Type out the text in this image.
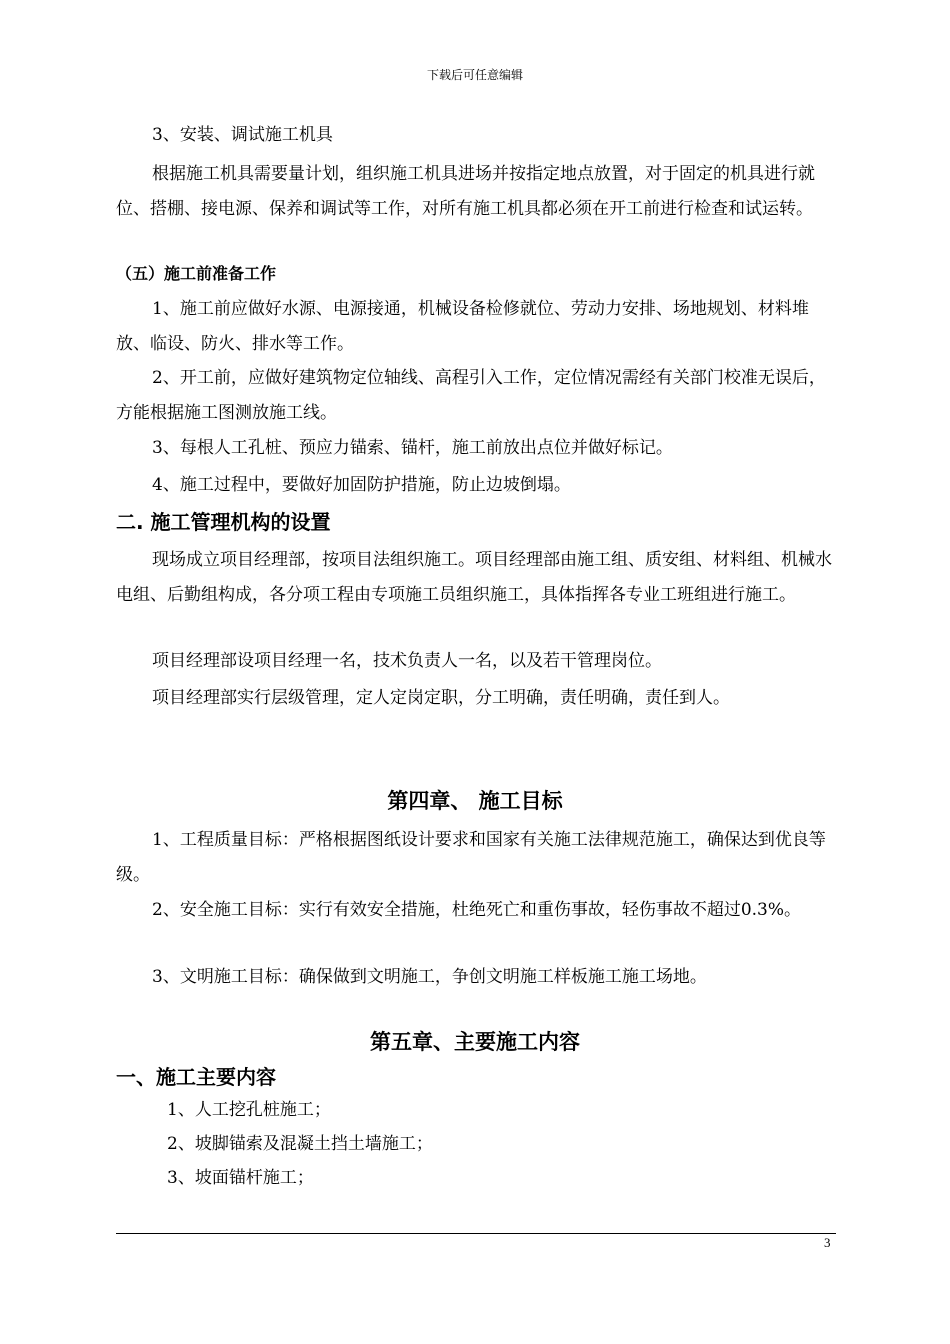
下载后可任意编辑
3、安装、调试施工机具
根据施工机具需要量计划，组织施工机具进场并按指定地点放置，对于固定的机具进行就位、搭棚、接电源、保养和调试等工作，对所有施工机具都必须在开工前进行检查和试运转。
（五）施工前准备工作
1、施工前应做好水源、电源接通，机械设备检修就位、劳动力安排、场地规划、材料堆放、临设、防火、排水等工作。
2、开工前，应做好建筑物定位轴线、高程引入工作，定位情况需经有关部门校准无误后，方能根据施工图测放施工线。
3、每根人工孔桩、预应力锚索、锚杆，施工前放出点位并做好标记。
4、施工过程中，要做好加固防护措施，防止边坡倒塌。
二. 施工管理机构的设置
现场成立项目经理部，按项目法组织施工。项目经理部由施工组、质安组、材料组、机械水电组、后勤组构成，各分项工程由专项施工员组织施工，具体指挥各专业工班组进行施工。
项目经理部设项目经理一名，技术负责人一名，以及若干管理岗位。
项目经理部实行层级管理，定人定岗定职，分工明确，责任明确，责任到人。
第四章、 施工目标
1、工程质量目标：严格根据图纸设计要求和国家有关施工法律规范施工，确保达到优良等级。
2、安全施工目标：实行有效安全措施，杜绝死亡和重伤事故，轻伤事故不超过0.3%。
3、文明施工目标：确保做到文明施工，争创文明施工样板施工施工场地。
第五章、主要施工内容
一、施工主要内容
1、人工挖孔桩施工；
2、坡脚锚索及混凝土挡土墙施工；
3、坡面锚杆施工；
3
